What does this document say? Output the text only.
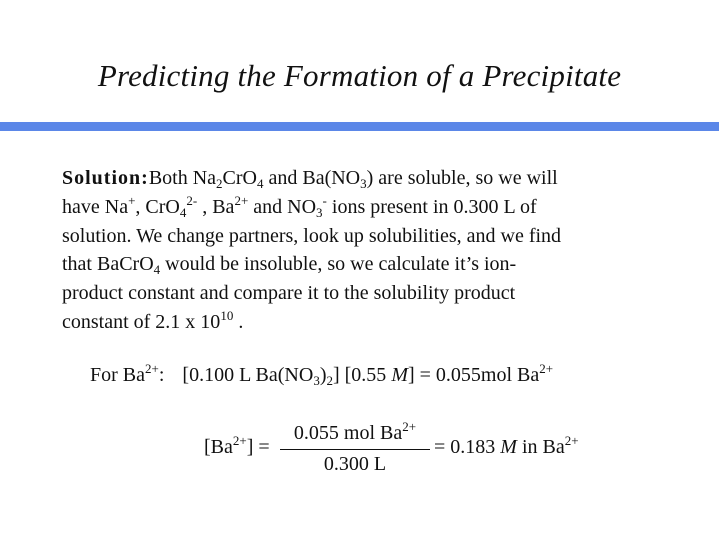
Predicting the Formation of a Precipitate
Solution:Both $Na_2CrO_4$ and $Ba(NO_3)$ are soluble, so we will
have Na+, CrO$_4^{2-}$ , $Ba^{2+}$ and $NO_3^-$ ions present in 0.300 L of
solution. We change partners, look up solubilities, and we find
that BaCrO$_4$ would be insoluble, so we calculate it’s ion-
product constant and compare it to the solubility product
constant of 2.1 x $10^{10}$ .
For $Ba^{2+}$: [0.100 L $Ba(NO_3)_2$] [0.55 M] = 0.055mol $Ba^{2+}$
$[Ba^{2+}]$ =
0.055 mol $Ba^{2+}$
0.300 L
= 0.183 M in $Ba^{2+}$
